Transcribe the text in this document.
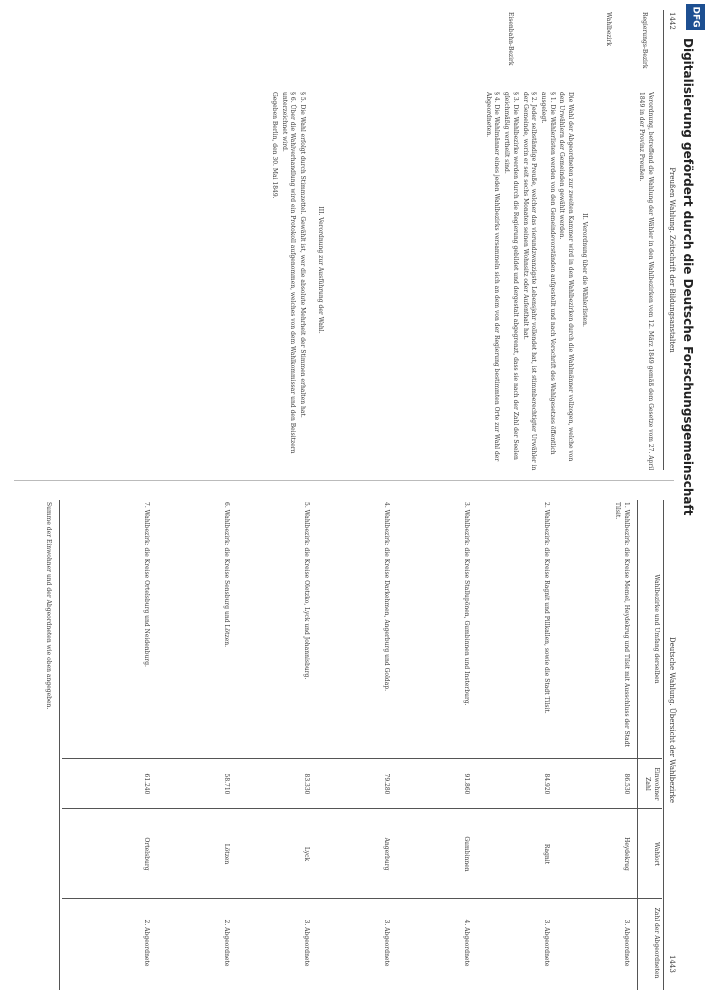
1442
Preußen Wahlung. Zeitschrift der Bildungsanstalten
Regierungs-Bezirk
Wahlbezirk
Eisenbahn-Bezirk
II. Verordnung über die Wählerlisten.	Verordnung, betreffend die Wahlung der Wähler in den Wahlbezirken vom 12. März 1849 gemäß dem Gesetze vom 27. April 1849 in der Provinz Preußen.

Die Wahl der Abgeordneten zur zweiten Kammer wird in den Wahlbezirken durch die Wahlmänner vollzogen, welche von den Urwählern der Gemeinden gewählt werden.

§ 1. Die Wählerlisten werden von den Gemeindevorständen aufgestellt und nach Vorschrift des Wahlgesetzes öffentlich ausgelegt.

§ 2. Jeder selbständige Preuße, welcher das vierundzwanzigste Lebensjahr vollendet hat, ist stimmberechtigter Urwähler in der Gemeinde, worin er seit sechs Monaten seinen Wohnsitz oder Aufenthalt hat.

§ 3. Die Wahlbezirke werden durch die Regierung gebildet und dergestalt abgegrenzt, dass sie nach der Zahl der Seelen gleichmäßig vertheilt sind.

§ 4. Die Wahlmänner eines jeden Wahlbezirks versammeln sich an dem von der Regierung bestimmten Orte zur Wahl der Abgeordneten.

III. Verordnung zur Ausführung der Wahl.

§ 5. Die Wahl erfolgt durch Stimmzettel. Gewählt ist, wer die absolute Mehrheit der Stimmen erhalten hat.

§ 6. Über die Wahlverhandlung wird ein Protokoll aufgenommen, welches von dem Wahlkommissar und den Beisitzern unterzeichnet wird.

Gegeben Berlin, den 30. Mai 1849.

Deutsche Wahlung. Übersicht der Wahlbezirke
1443
Wahlbezirke und Umfang derselben
Einwohner Zahl
Wahlort
Zahl der Abgeordneten
1. Wahlbezirk: die Kreise Memel, Heydekrug und Tilsit mit Ausschluss der Stadt Tilsit.
86.530
Heydekrug
3. Abgeordnete
2. Wahlbezirk: die Kreise Ragnit und Pillkallen, sowie die Stadt Tilsit.
84.920
Ragnit
3. Abgeordnete
3. Wahlbezirk: die Kreise Stallupönen, Gumbinnen und Insterburg.
91.860
Gumbinnen
4. Abgeordnete
4. Wahlbezirk: die Kreise Darkehmen, Angerburg und Goldap.
79.280
Angerburg
3. Abgeordnete
5. Wahlbezirk: die Kreise Oletzko, Lyck und Johannisburg.
83.330
Lyck
3. Abgeordnete
6. Wahlbezirk: die Kreise Sensburg und Lötzen.
58.710
Lötzen
2. Abgeordnete
7. Wahlbezirk: die Kreise Ortelsburg und Neidenburg.
61.240
Ortelsburg
2. Abgeordnete
Summe der Einwohner und der Abgeordneten wie oben angegeben.
DFG
Digitalisierung gefördert durch die Deutsche Forschungsgemeinschaft
